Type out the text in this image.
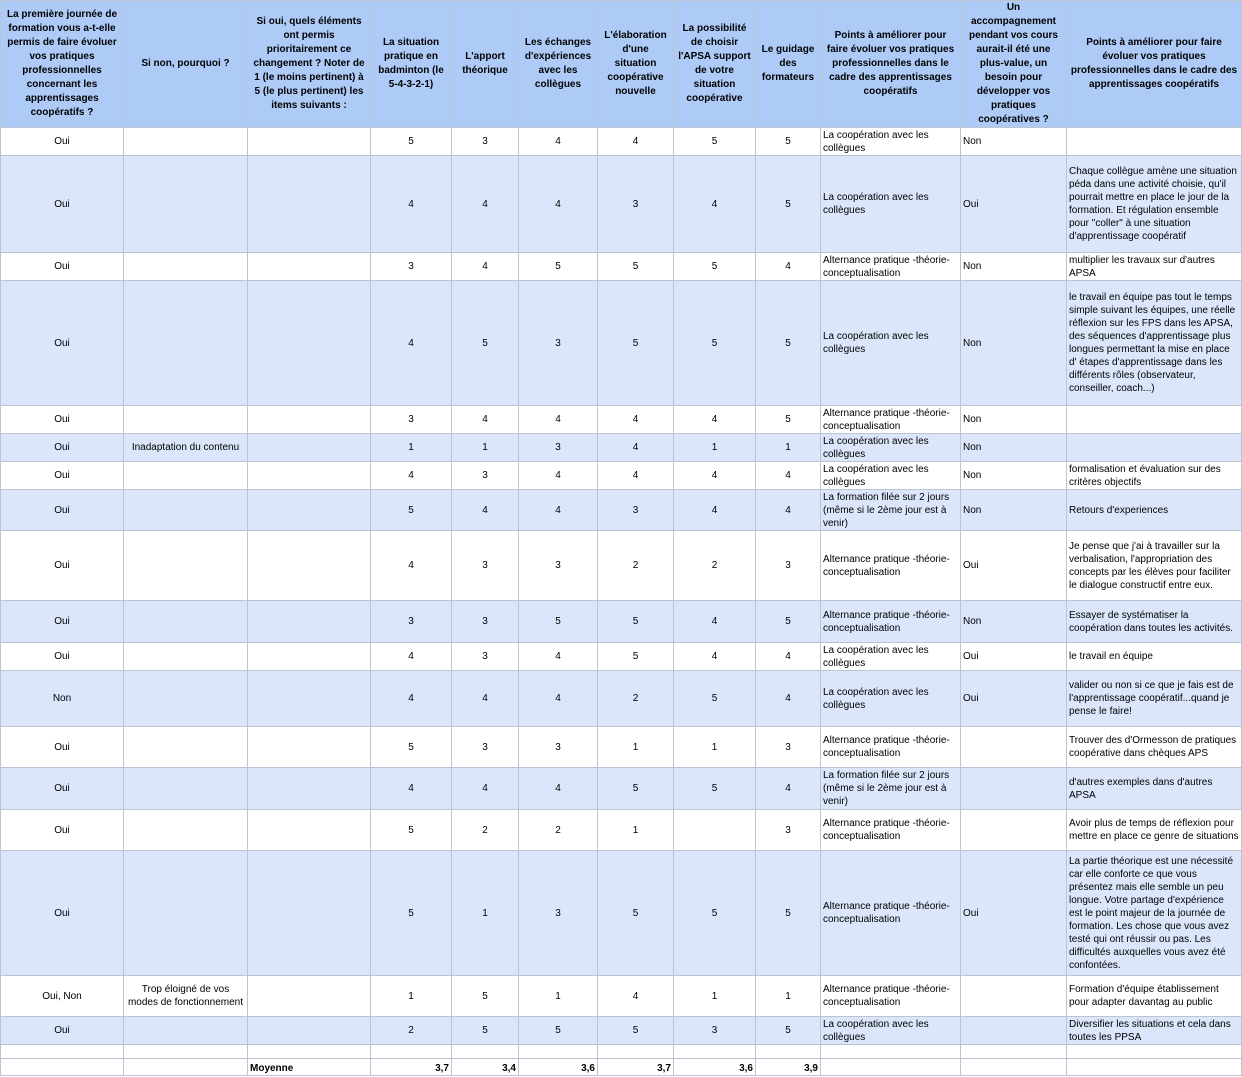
La première journée de formation vous a-t-elle permis de faire évoluer vos pratiques professionnelles concernant les apprentissages coopératifs ?	Si non, pourquoi ?	Si oui, quels éléments ont permis prioritairement ce changement ? Noter de 1 (le moins pertinent) à 5 (le plus pertinent) les items suivants :	La situation pratique en badminton (le 5-4-3-2-1)	L'apport théorique	Les échanges d'expériences avec les collègues	L'élaboration d'une situation coopérative nouvelle	La possibilité de choisir l'APSA support de votre situation coopérative	Le guidage des formateurs	Points à améliorer pour faire évoluer vos pratiques professionnelles dans le cadre des apprentissages coopératifs	Un accompagnement pendant vos cours aurait-il été une plus-value, un besoin pour développer vos pratiques coopératives ?	Points à améliorer pour faire évoluer vos pratiques professionnelles dans le cadre des apprentissages coopératifs
Oui			5	3	4	4	5	5	La coopération avec les collègues	Non	
Oui			4	4	4	3	4	5	La coopération avec les collègues	Oui	Chaque collègue amène une situation péda dans une activité choisie, qu'il pourrait mettre en place le jour de la formation. Et régulation ensemble pour "coller" à une situation d'apprentissage coopératif
Oui			3	4	5	5	5	4	Alternance pratique -théorie-conceptualisation	Non	multiplier les travaux sur d'autres APSA
Oui			4	5	3	5	5	5	La coopération avec les collègues	Non	le travail en équipe pas tout le temps simple suivant les équipes, une réelle réflexion sur les FPS dans les APSA, des séquences d'apprentissage plus longues permettant la mise en place d' étapes d'apprentissage dans les différents rôles (observateur, conseiller, coach...)
Oui			3	4	4	4	4	5	Alternance pratique -théorie-conceptualisation	Non	
Oui	Inadaptation du contenu		1	1	3	4	1	1	La coopération avec les collègues	Non	
Oui			4	3	4	4	4	4	La coopération avec les collègues	Non	formalisation et évaluation sur des critères objectifs
Oui			5	4	4	3	4	4	La formation filée sur 2 jours (même si le 2ème jour est à venir)	Non	Retours d'experiences
Oui			4	3	3	2	2	3	Alternance pratique -théorie-conceptualisation	Oui	Je pense que j'ai à travailler sur la verbalisation, l'appropriation des concepts par les élèves pour faciliter le dialogue constructif entre eux.
Oui			3	3	5	5	4	5	Alternance pratique -théorie-conceptualisation	Non	Essayer de systématiser la coopération dans toutes les activités.
Oui			4	3	4	5	4	4	La coopération avec les collègues	Oui	le travail en équipe
Non			4	4	4	2	5	4	La coopération avec les collègues	Oui	valider ou non si ce que je fais est de l'apprentissage coopératif...quand je pense le faire!
Oui			5	3	3	1	1	3	Alternance pratique -théorie-conceptualisation		Trouver des d'Ormesson de pratiques coopérative dans chèques APS
Oui			4	4	4	5	5	4	La formation filée sur 2 jours (même si le 2ème jour est à venir)		d'autres exemples dans d'autres APSA
Oui			5	2	2	1		3	Alternance pratique -théorie-conceptualisation		Avoir plus de temps de réflexion pour mettre en place ce genre de situations
Oui			5	1	3	5	5	5	Alternance pratique -théorie-conceptualisation	Oui	La partie théorique est une nécessité car elle conforte ce que vous présentez mais elle semble un peu longue. Votre partage d'expérience est le point majeur de la journée de formation. Les chose que vous avez testé qui ont réussir ou pas. Les difficultés auxquelles vous avez été confontées.
Oui, Non	Trop éloigné de vos modes de fonctionnement		1	5	1	4	1	1	Alternance pratique -théorie-conceptualisation		Formation d'équipe établissement pour adapter davantag au public
Oui			2	5	5	5	3	5	La coopération avec les collègues		Diversifier les situations et cela dans toutes les PPSA

		Moyenne	3,7	3,4	3,6	3,7	3,6	3,9			
